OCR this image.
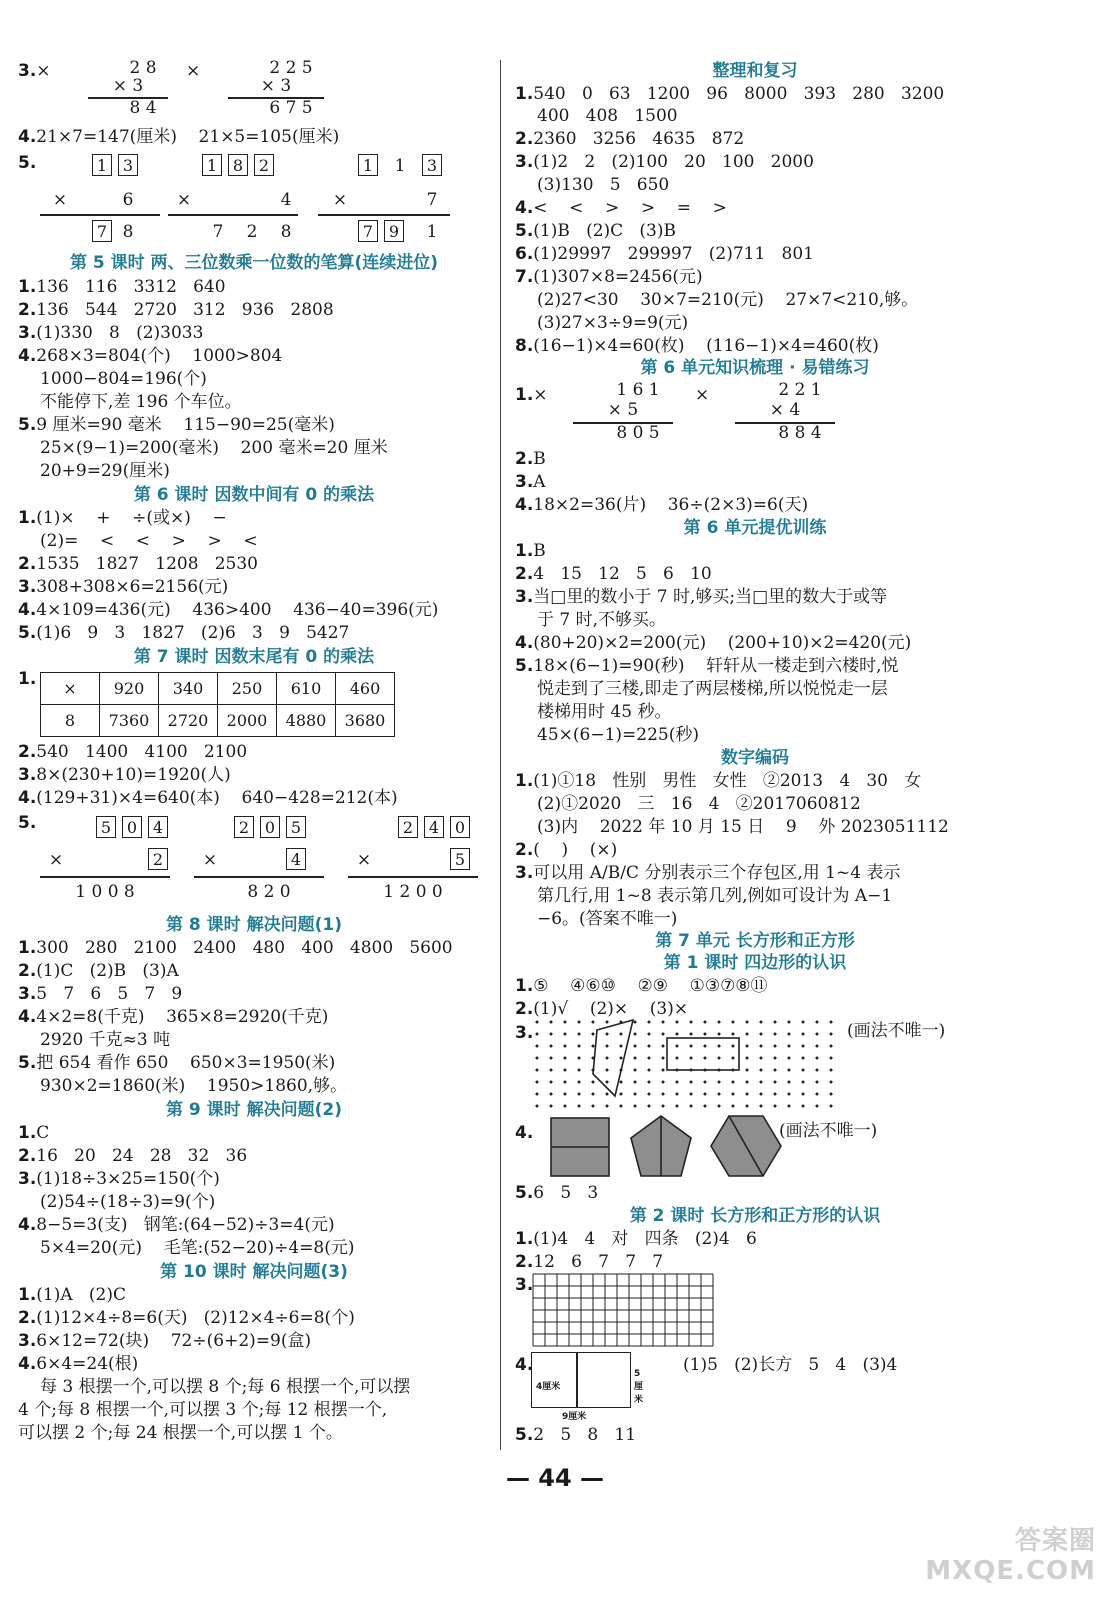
3.×	2 8
× 3
8 4
×	2 2 5
× 3
6 7 5
4.21×7=147(厘米)    21×5=105(厘米)
5.	1 3
×	6
7 8
1 8 2
×	4
7 2 8
1 1	3
×	7
7 9 1
第 5 课时 两、三位数乘一位数的笔算(连续进位)
1.136   116   3312   640
2.136   544   2720   312   936   2808
3.(1)330   8   (2)3033
4.268×3=804(个)    1000>804
1000−804=196(个)
不能停下,差 196 个车位。
5.9 厘米=90 毫米    115−90=25(毫米)
25×(9−1)=200(毫米)    200 毫米=20 厘米
20+9=29(厘米)
第 6 课时 因数中间有 0 的乘法
1.(1)×    +    ÷(或×)    −
(2)=    <    <    >    >    <
2.1535   1827   1208   2530
3.308+308×6=2156(元)
4.4×109=436(元)    436>400    436−40=396(元)
5.(1)6   9   3   1827   (2)6   3   9   5427
第 7 课时 因数末尾有 0 的乘法
1. ×	920	340	250	610	460
8	7360	2720	2000	4880	3680
2.540   1400   4100   2100
3.8×(230+10)=1920(人)
4.(129+31)×4=640(本)    640−428=212(本)
5.	5 0 4
×	2
1 0 0 8
2 0 5
×	4
8 2 0
2 4 0
×	5
1 2 0 0
第 8 课时 解决问题(1)
1.300   280   2100   2400   480   400   4800   5600
2.(1)C   (2)B   (3)A
3.5   7   6   5   7   9
4.4×2=8(千克)    365×8=2920(千克)
2920 千克≈3 吨
5.把 654 看作 650    650×3=1950(米)
930×2=1860(米)    1950>1860,够。
第 9 课时 解决问题(2)
1.C
2.16   20   24   28   32   36
3.(1)18÷3×25=150(个)
(2)54÷(18÷3)=9(个)
4.8−5=3(支)   钢笔:(64−52)÷3=4(元)
5×4=20(元)    毛笔:(52−20)÷4=8(元)
第 10 课时 解决问题(3)
1.(1)A   (2)C
2.(1)12×4÷8=6(天)   (2)12×4÷6=8(个)
3.6×12=72(块)    72÷(6+2)=9(盒)
4.6×4=24(根)
每 3 根摆一个,可以摆 8 个;每 6 根摆一个,可以摆
4 个;每 8 根摆一个,可以摆 3 个;每 12 根摆一个,
可以摆 2 个;每 24 根摆一个,可以摆 1 个。
整理和复习
1.540   0   63   1200   96   8000   393   280   3200
400   408   1500
2.2360   3256   4635   872
3.(1)2   2   (2)100   20   100   2000
(3)130   5   650
4.<    <    >    >    =    >
5.(1)B   (2)C   (3)B
6.(1)29997   299997   (2)711   801
7.(1)307×8=2456(元)
(2)27<30    30×7=210(元)    27×7<210,够。
(3)27×3÷9=9(元)
8.(16−1)×4=60(枚)    (116−1)×4=460(枚)
第 6 单元知识梳理 · 易错练习
1.×	1 6 1
× 5
8 0 5
×	2 2 1
× 4
8 8 4
2.B
3.A
4.18×2=36(片)    36÷(2×3)=6(天)
第 6 单元提优训练
1.B
2.4   15   12   5   6   10
3.当□里的数小于 7 时,够买;当□里的数大于或等
于 7 时,不够买。
4.(80+20)×2=200(元)    (200+10)×2=420(元)
5.18×(6−1)=90(秒)    轩轩从一楼走到六楼时,悦
悦走到了三楼,即走了两层楼梯,所以悦悦走一层
楼梯用时 45 秒。
45×(6−1)=225(秒)
数字编码
1.(1)①18   性别   男性   女性   ②2013   4   30   女
(2)①2020   三   16   4   ②2017060812
(3)内    2022 年 10 月 15 日    9    外 2023051112
2.(    )    (×)
3.可以用 A/B/C 分别表示三个存包区,用 1~4 表示
第几行,用 1~8 表示第几列,例如可设计为 A−1
−6。(答案不唯一)
第 7 单元 长方形和正方形
第 1 课时 四边形的认识
1.⑤    ④⑥⑩    ②⑨    ①③⑦⑧⑪
2.(1)√    (2)×    (3)×
3.	(画法不唯一)
4.	(画法不唯一)
5.6   5   3
第 2 课时 长方形和正方形的认识
1.(1)4   4   对   四条   (2)4   6
2.12   6   7   7   7
3.
4.
4厘米
5厘米
9厘米
(1)5   (2)长方   5   4   (3)4
5.2   5   8   11
— 44 —
答案圈
MXQE.COM
